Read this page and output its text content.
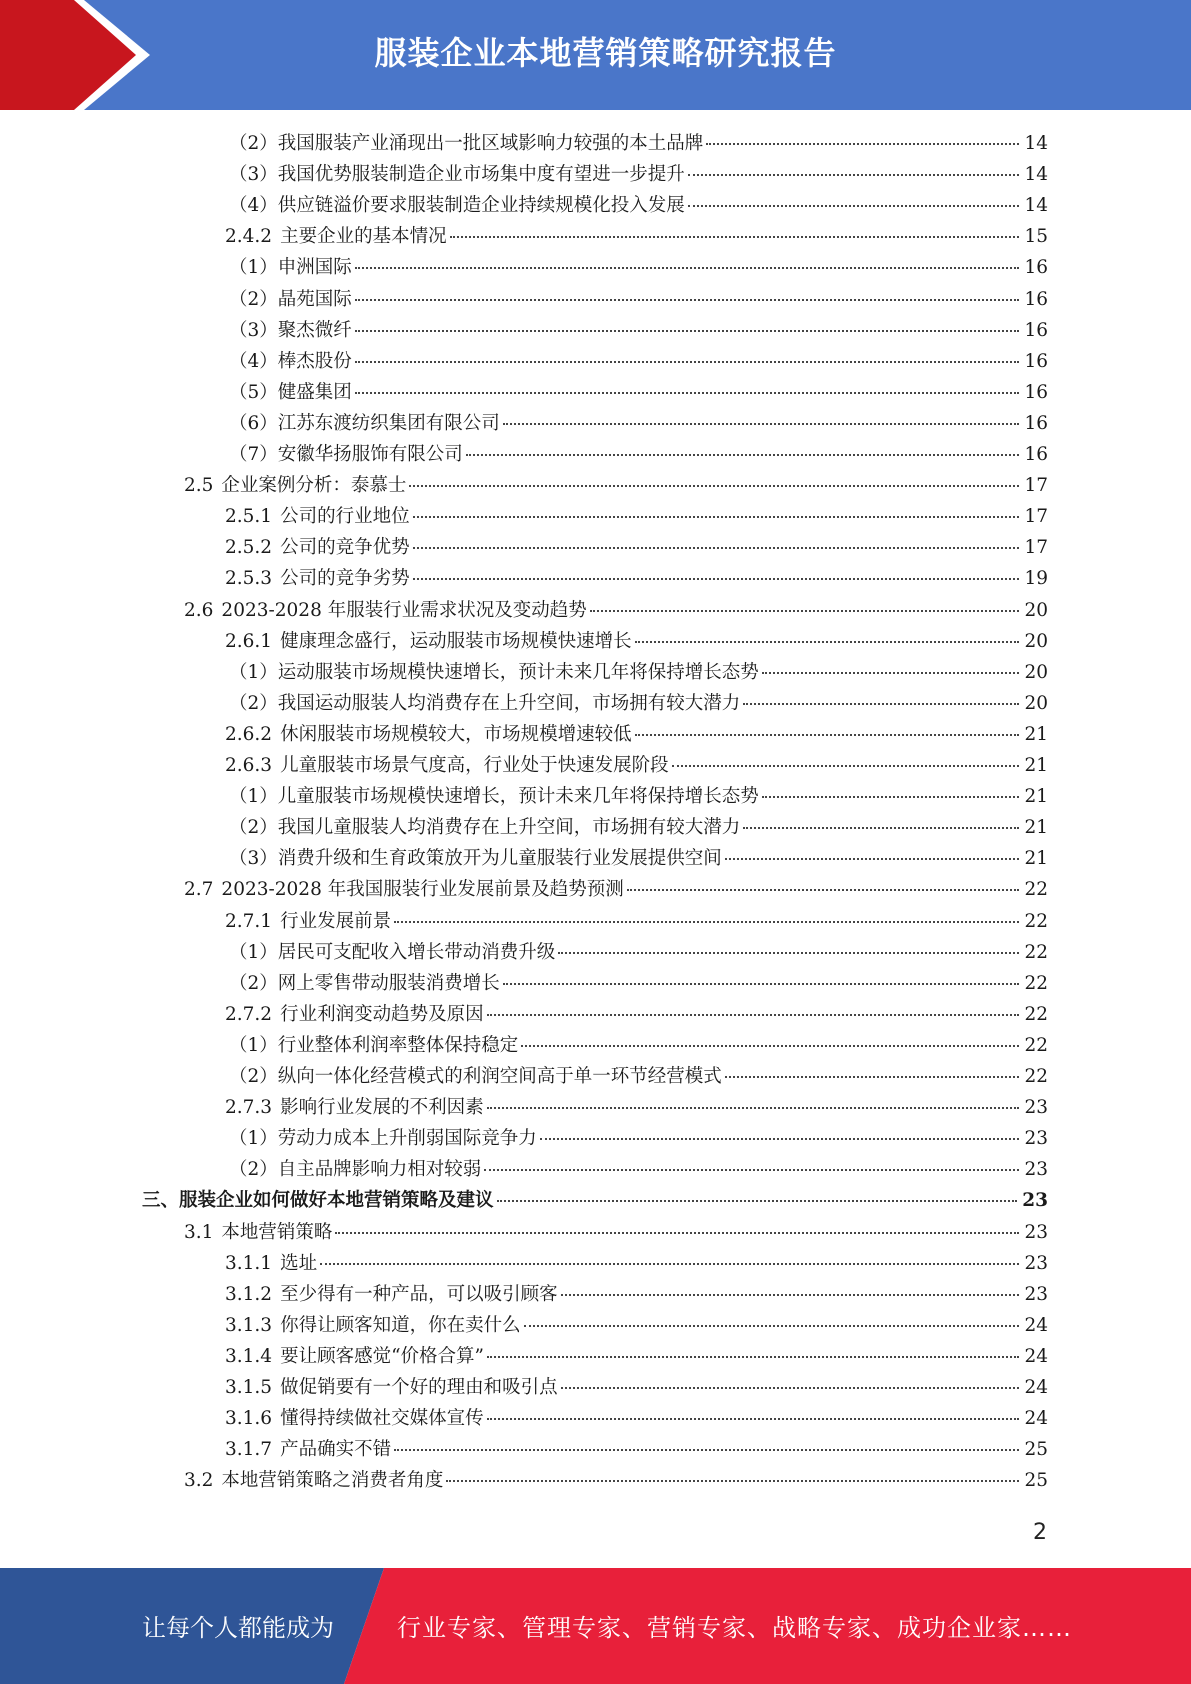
服装企业本地营销策略研究报告
（2） 我国服装产业涌现出一批区域影响力较强的本土品牌	14
（3） 我国优势服装制造企业市场集中度有望进一步提升	14
（4） 供应链溢价要求服装制造企业持续规模化投入发展	14
2.4.2 主要企业的基本情况	15
（1） 申洲国际	16
（2） 晶苑国际	16
（3） 聚杰微纤	16
（4） 棒杰股份	16
（5） 健盛集团	16
（6） 江苏东渡纺织集团有限公司	16
（7） 安徽华扬服饰有限公司	16
2.5 企业案例分析：泰慕士	17
2.5.1 公司的行业地位	17
2.5.2 公司的竞争优势	17
2.5.3 公司的竞争劣势	19
2.6 2023-2028 年服装行业需求状况及变动趋势	20
2.6.1 健康理念盛行，运动服装市场规模快速增长	20
（1） 运动服装市场规模快速增长，预计未来几年将保持增长态势	20
（2） 我国运动服装人均消费存在上升空间，市场拥有较大潜力	20
2.6.2 休闲服装市场规模较大，市场规模增速较低	21
2.6.3 儿童服装市场景气度高，行业处于快速发展阶段	21
（1） 儿童服装市场规模快速增长，预计未来几年将保持增长态势	21
（2） 我国儿童服装人均消费存在上升空间，市场拥有较大潜力	21
（3） 消费升级和生育政策放开为儿童服装行业发展提供空间	21
2.7 2023-2028 年我国服装行业发展前景及趋势预测	22
2.7.1 行业发展前景	22
（1） 居民可支配收入增长带动消费升级	22
（2） 网上零售带动服装消费增长	22
2.7.2 行业利润变动趋势及原因	22
（1） 行业整体利润率整体保持稳定	22
（2） 纵向一体化经营模式的利润空间高于单一环节经营模式	22
2.7.3 影响行业发展的不利因素	23
（1） 劳动力成本上升削弱国际竞争力	23
（2） 自主品牌影响力相对较弱	23
三、 服装企业如何做好本地营销策略及建议	23
3.1 本地营销策略	23
3.1.1 选址	23
3.1.2 至少得有一种产品，可以吸引顾客	23
3.1.3 你得让顾客知道，你在卖什么	24
3.1.4 要让顾客感觉“价格合算”	24
3.1.5 做促销要有一个好的理由和吸引点	24
3.1.6 懂得持续做社交媒体宣传	24
3.1.7 产品确实不错	25
3.2 本地营销策略之消费者角度	25
2
让每个人都能成为	行业专家、管理专家、营销专家、战略专家、成功企业家……
